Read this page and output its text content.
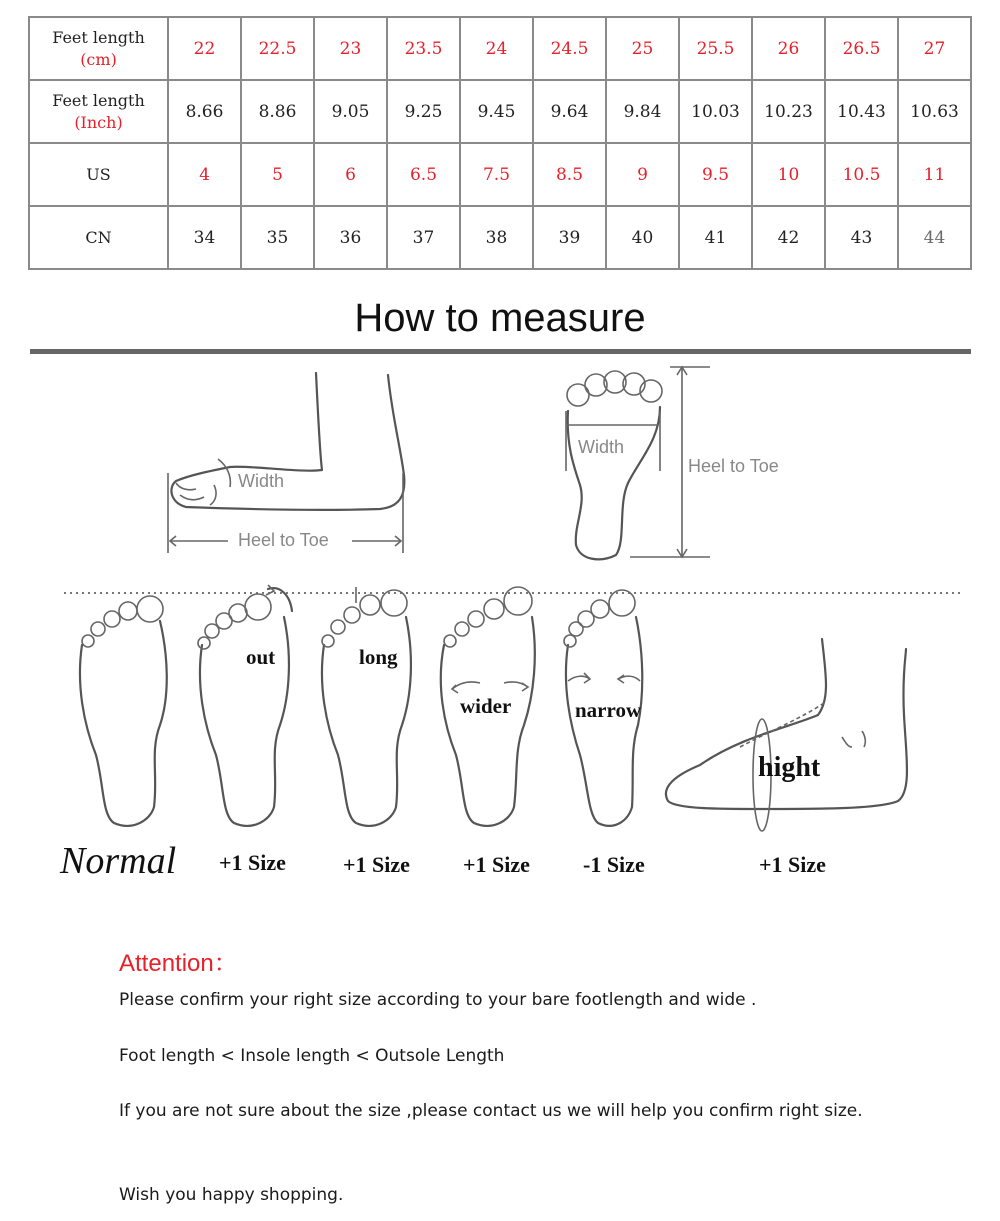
Feet length
(cm)	22	22.5	23	23.5	24	24.5	25	25.5	26	26.5	27
Feet length
(Inch)	8.66	8.86	9.05	9.25	9.45	9.64	9.84	10.03	10.23	10.43	10.63
US	4	5	6	6.5	7.5	8.5	9	9.5	10	10.5	11
CN	34	35	36	37	38	39	40	41	42	43	44
How to measure
Width
Heel to Toe
Width
Heel to Toe
out	long
wider	narrow
hight
Normal +1 Size	+1 Size +1 Size -1 Size	+1 Size
Attention：
Please confirm your right size according to your bare footlength and wide .
Foot length < Insole length < Outsole Length
If you are not sure about the size ,please contact us we will help you confirm right size.
Wish you happy shopping.
